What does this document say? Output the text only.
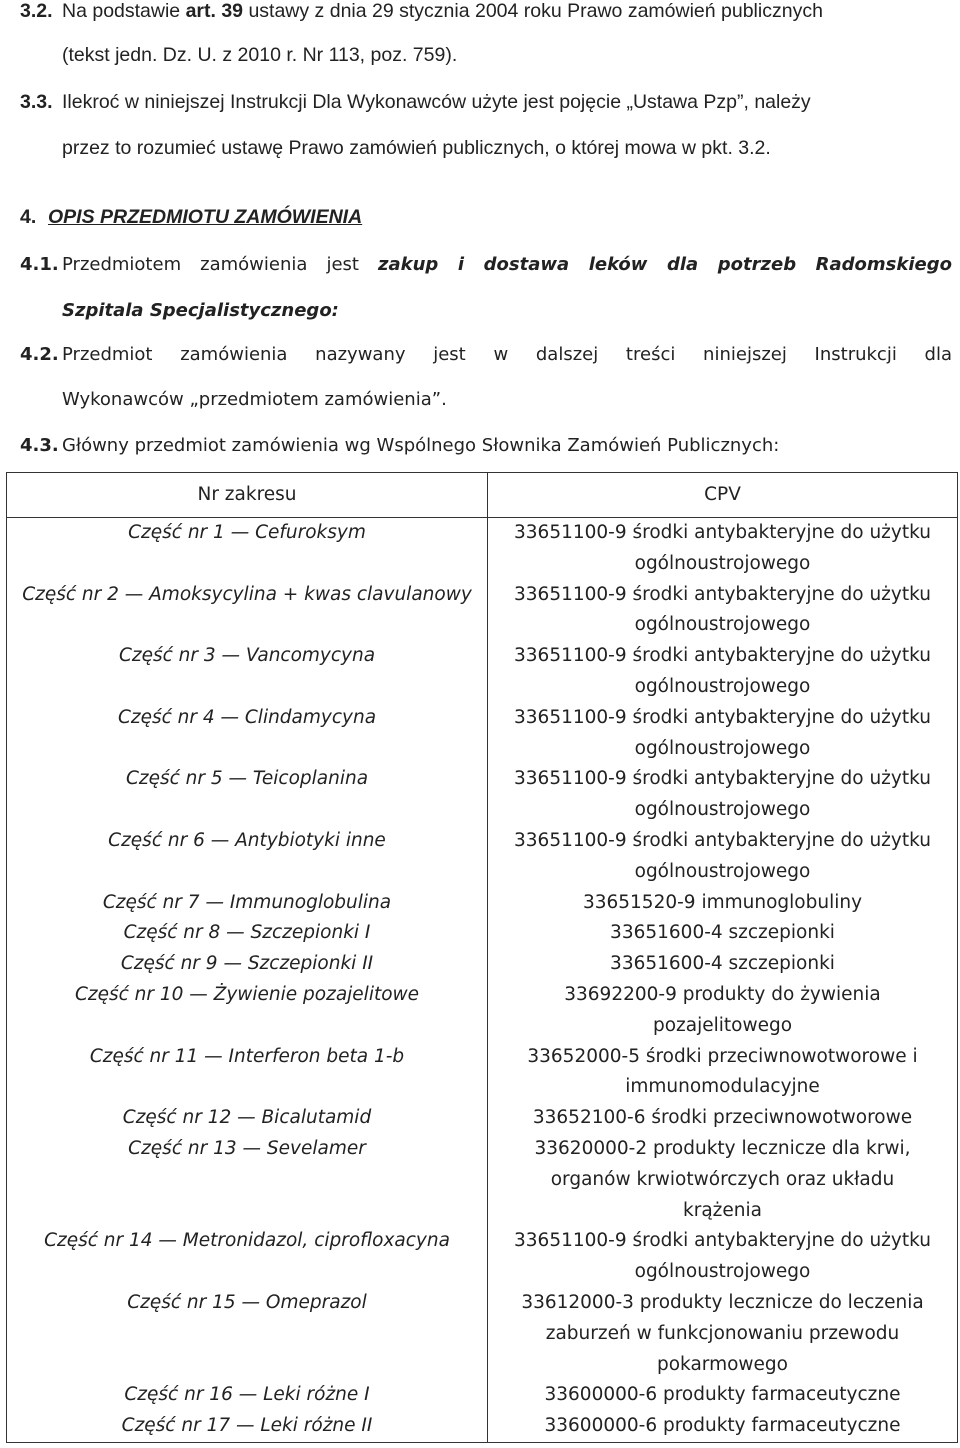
3.2. Na podstawie art. 39 ustawy z dnia 29 stycznia 2004 roku Prawo zamówień publicznych
(tekst jedn. Dz. U. z 2010 r. Nr 113, poz. 759).
3.3. Ilekroć w niniejszej Instrukcji Dla Wykonawców użyte jest pojęcie „Ustawa Pzp”, należy
przez to rozumieć ustawę Prawo zamówień publicznych, o której mowa w pkt. 3.2.
4. OPIS PRZEDMIOTU ZAMÓWIENIA
4.1. Przedmiotem zamówienia jest zakup i dostawa leków dla potrzeb Radomskiego
Szpitala Specjalistycznego:
4.2. Przedmiot zamówienia nazywany jest w dalszej treści niniejszej Instrukcji dla
Wykonawców „przedmiotem zamówienia”.
4.3. Główny przedmiot zamówienia wg Wspólnego Słownika Zamówień Publicznych:
Nr zakresu	CPV
Część nr 1 — Cefuroksym	33651100-9 środki antybakteryjne do użytku
ogólnoustrojowego

Część nr 2 — Amoksycylina + kwas clavulanowy	33651100-9 środki antybakteryjne do użytku
ogólnoustrojowego

Część nr 3 — Vancomycyna	33651100-9 środki antybakteryjne do użytku
ogólnoustrojowego

Część nr 4 — Clindamycyna	33651100-9 środki antybakteryjne do użytku
ogólnoustrojowego

Część nr 5 — Teicoplanina	33651100-9 środki antybakteryjne do użytku
ogólnoustrojowego

Część nr 6 — Antybiotyki inne	33651100-9 środki antybakteryjne do użytku
ogólnoustrojowego

Część nr 7 — Immunoglobulina	33651520-9 immunoglobuliny

Część nr 8 — Szczepionki I	33651600-4 szczepionki

Część nr 9 — Szczepionki II	33651600-4 szczepionki

Część nr 10 — Żywienie pozajelitowe	33692200-9 produkty do żywienia
pozajelitowego

Część nr 11 — Interferon beta 1-b	33652000-5 środki przeciwnowotworowe i
immunomodulacyjne

Część nr 12 — Bicalutamid	33652100-6 środki przeciwnowotworowe

Część nr 13 — Sevelamer	33620000-2 produkty lecznicze dla krwi,
organów krwiotwórczych oraz układu
krążenia

Część nr 14 — Metronidazol, ciprofloxacyna	33651100-9 środki antybakteryjne do użytku
ogólnoustrojowego

Część nr 15 — Omeprazol	33612000-3 produkty lecznicze do leczenia
zaburzeń w funkcjonowaniu przewodu
pokarmowego

Część nr 16 — Leki różne I	33600000-6 produkty farmaceutyczne

Część nr 17 — Leki różne II	33600000-6 produkty farmaceutyczne
